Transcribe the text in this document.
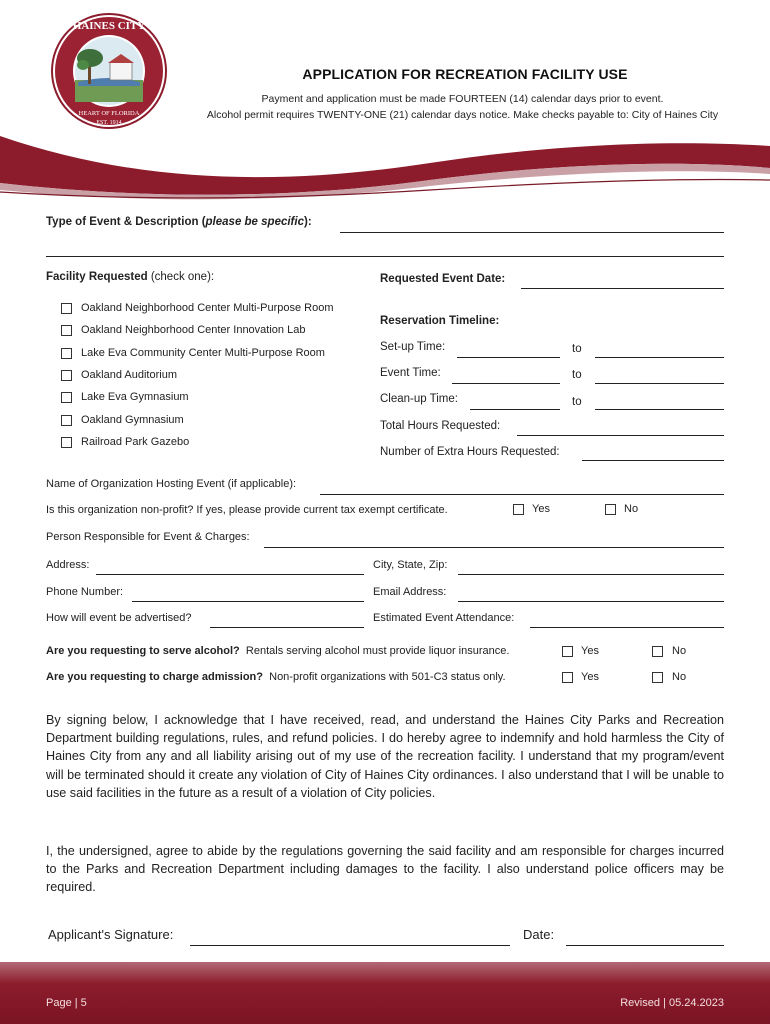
HAINES CITY
HEART OF FLORIDA
EST. 1914
APPLICATION FOR RECREATION FACILITY USE
Payment and application must be made FOURTEEN (14) calendar days prior to event.
Alcohol permit requires TWENTY-ONE (21) calendar days notice. Make checks payable to: City of Haines City
Type of Event & Description (please be specific):
Facility Requested (check one):
Oakland Neighborhood Center Multi-Purpose Room
Oakland Neighborhood Center Innovation Lab
Lake Eva Community Center Multi-Purpose Room
Oakland Auditorium
Lake Eva Gymnasium
Oakland Gymnasium
Railroad Park Gazebo
Requested Event Date:
Reservation Timeline:
Set-up Time:	to
Event Time:	to
Clean-up Time:	to
Total Hours Requested:
Number of Extra Hours Requested:
Name of Organization Hosting Event (if applicable):
Is this organization non-profit? If yes, please provide current tax exempt certificate.	Yes	No
Person Responsible for Event & Charges:
Address:	City, State, Zip:
Phone Number:	Email Address:
How will event be advertised?	Estimated Event Attendance:
Are you requesting to serve alcohol? Rentals serving alcohol must provide liquor insurance.	Yes	No
Are you requesting to charge admission? Non-profit organizations with 501-C3 status only.	Yes	No
By signing below, I acknowledge that I have received, read, and understand the Haines City Parks and Recreation Department building regulations, rules, and refund policies. I do hereby agree to indemnify and hold harmless the City of Haines City from any and all liability arising out of my use of the recreation facility. I understand that my program/event will be terminated should it create any violation of City of Haines City ordinances. I also understand that I will be unable to use said facilities in the future as a result of a violation of City policies.
I, the undersigned, agree to abide by the regulations governing the said facility and am responsible for charges incurred to the Parks and Recreation Department including damages to the facility. I also understand police officers may be required.
Applicant's Signature:	Date:
Page | 5	Revised | 05.24.2023
